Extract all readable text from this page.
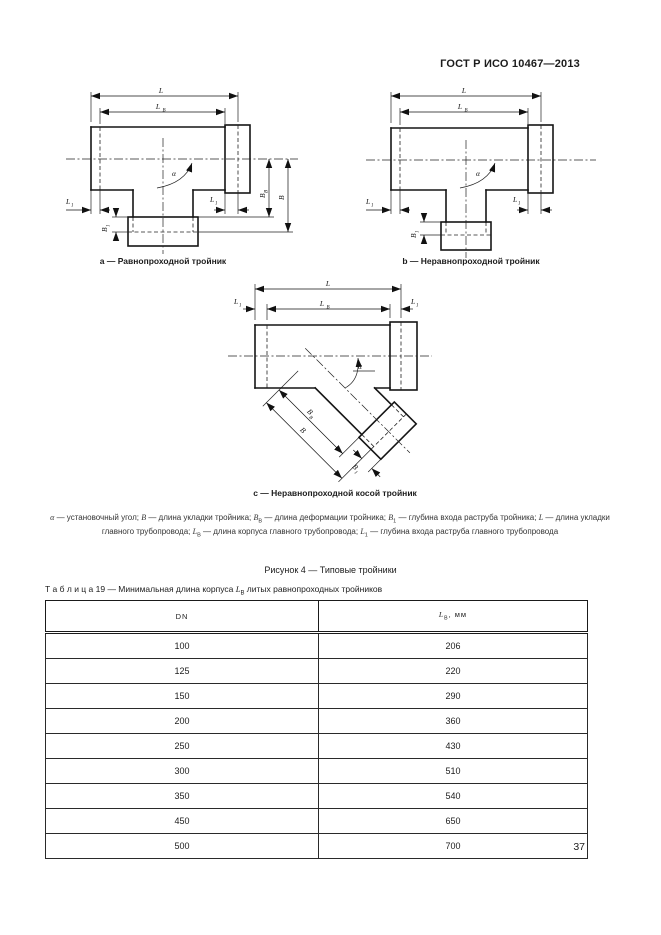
ГОСТ Р ИСО 10467—2013
L
L B
L 1
L 1
B
1
B
B
B
α
L
L B
L 1
L 1
B
1
α
a — Равнопроходной тройник	b — Неравнопроходной тройник
B
B
B
B
1
L
L 1	L B
L 1
α
c — Неравнопроходной косой тройник
α — установочный угол; B — длина укладки тройника; $B_B$ — длина деформации тройника; $B_1$ — глубина входа раструба тройника; L — длина укладки главного трубопровода; $L_B$ — длина корпуса главного трубопровода; $L_1$ — глубина входа раструба главного трубопровода
Рисунок 4 — Типовые тройники
Т а б л и ц а 19 — Минимальная длина корпуса $L_B$ литых равнопроходных тройников
DN	$L_B$, мм
100	206
125	220
150	290
200	360
250	430
300	510
350	540
450	650
500	700	37
